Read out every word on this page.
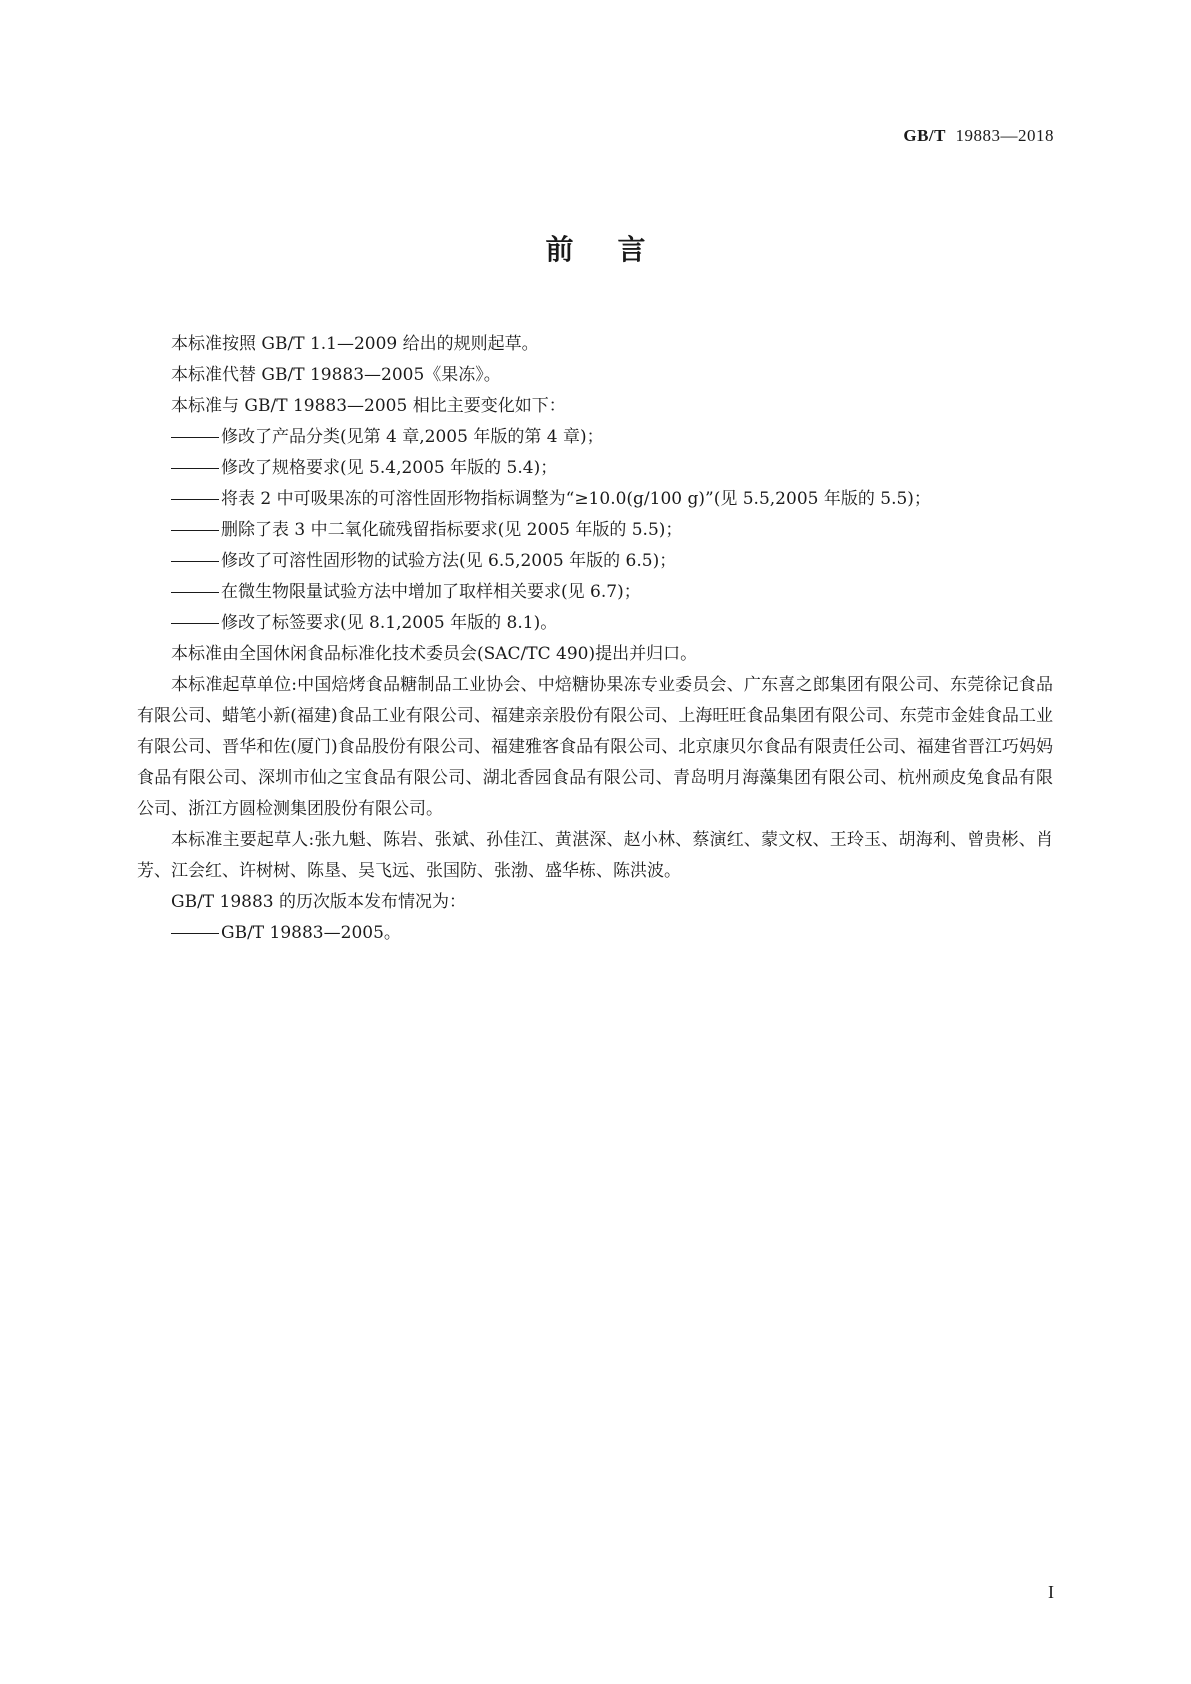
GB/T 19883—2018
前言

本标准按照 GB/T 1.1—2009 给出的规则起草。

本标准代替 GB/T 19883—2005《果冻》。

本标准与 GB/T 19883—2005 相比主要变化如下：

修改了产品分类(见第 4 章,2005 年版的第 4 章)；

修改了规格要求(见 5.4,2005 年版的 5.4)；

将表 2 中可吸果冻的可溶性固形物指标调整为“≥10.0(g/100 g)”(见 5.5,2005 年版的 5.5)；

删除了表 3 中二氧化硫残留指标要求(见 2005 年版的 5.5)；

修改了可溶性固形物的试验方法(见 6.5,2005 年版的 6.5)；

在微生物限量试验方法中增加了取样相关要求(见 6.7)；

修改了标签要求(见 8.1,2005 年版的 8.1)。

本标准由全国休闲食品标准化技术委员会(SAC/TC 490)提出并归口。

本标准起草单位:中国焙烤食品糖制品工业协会、中焙糖协果冻专业委员会、广东喜之郎集团有限公司、东莞徐记食品有限公司、蜡笔小新(福建)食品工业有限公司、福建亲亲股份有限公司、上海旺旺食品集团有限公司、东莞市金娃食品工业有限公司、晋华和佐(厦门)食品股份有限公司、福建雅客食品有限公司、北京康贝尔食品有限责任公司、福建省晋江巧妈妈食品有限公司、深圳市仙之宝食品有限公司、湖北香园食品有限公司、青岛明月海藻集团有限公司、杭州顽皮兔食品有限公司、浙江方圆检测集团股份有限公司。

本标准主要起草人:张九魁、陈岩、张斌、孙佳江、黄湛深、赵小林、蔡演红、蒙文权、王玲玉、胡海利、曾贵彬、肖芳、江会红、许树树、陈垦、吴飞远、张国防、张渤、盛华栋、陈洪波。

GB/T 19883 的历次版本发布情况为：

GB/T 19883—2005。

I
